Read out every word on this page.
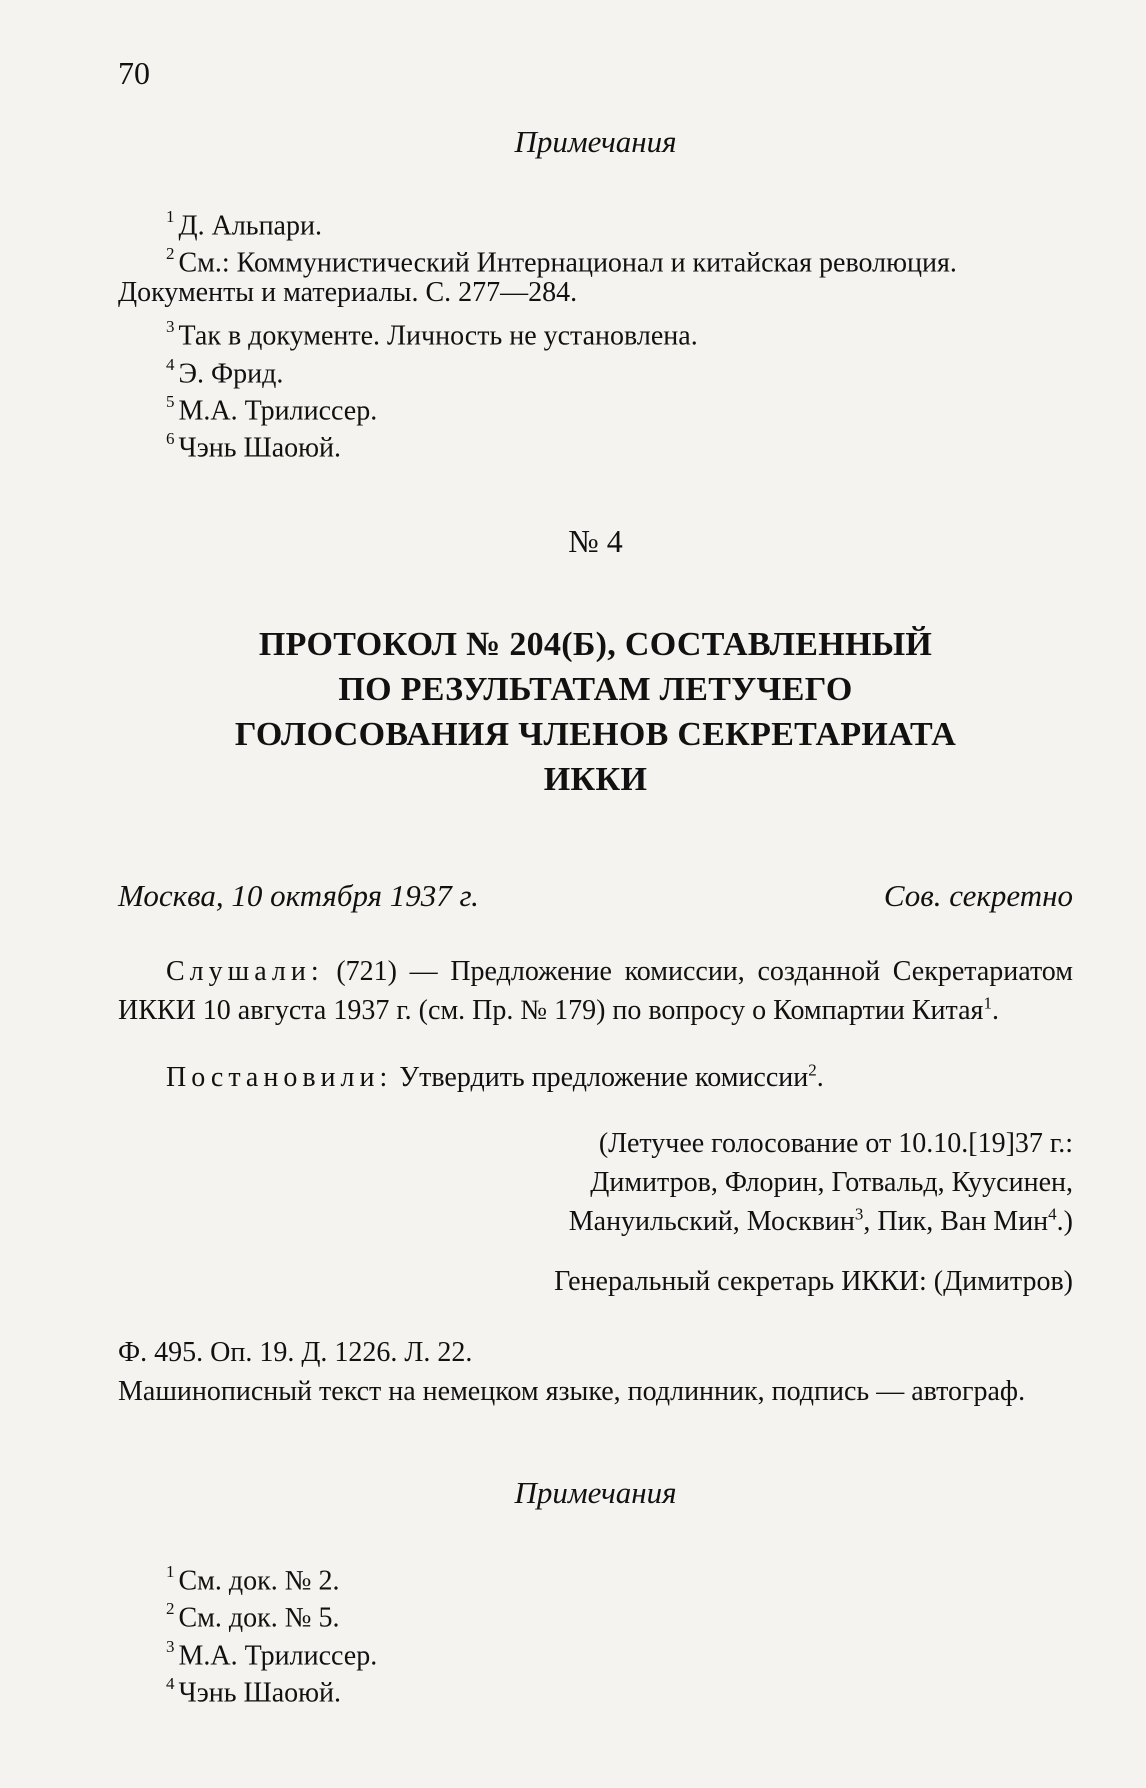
70
Примечания
$^1$ Д. Альпари.
$^2$ См.: Коммунистический Интернационал и китайская революция.
Документы и материалы. С. 277—284.
$^3$ Так в документе. Личность не установлена.
$^4$ Э. Фрид.
$^5$ М.А. Трилиссер.
$^6$ Чэнь Шаоюй.
№ 4
ПРОТОКОЛ № 204(Б), СОСТАВЛЕННЫЙ
ПО РЕЗУЛЬТАТАМ ЛЕТУЧЕГО
ГОЛОСОВАНИЯ ЧЛЕНОВ СЕКРЕТАРИАТА
ИККИ
Москва, 10 октября 1937 г.	Сов. секретно
Слушали: (721) — Предложение комиссии, созданной Секретариатом ИККИ 10 августа 1937 г. (см. Пр. № 179) по вопросу о Компартии Китая$^1$.
Постановили: Утвердить предложение комиссии$^2$.
(Летучее голосование от 10.10.[19]37 г.:
Димитров, Флорин, Готвальд, Куусинен,
Мануильский, Москвин$^3$, Пик, Ван Мин$^4$.)
Генеральный секретарь ИККИ: (Димитров)
Ф. 495. Оп. 19. Д. 1226. Л. 22.
Машинописный текст на немецком языке, подлинник, подпись — автограф.
Примечания
$^1$ См. док. № 2.
$^2$ См. док. № 5.
$^3$ М.А. Трилиссер.
$^4$ Чэнь Шаоюй.
